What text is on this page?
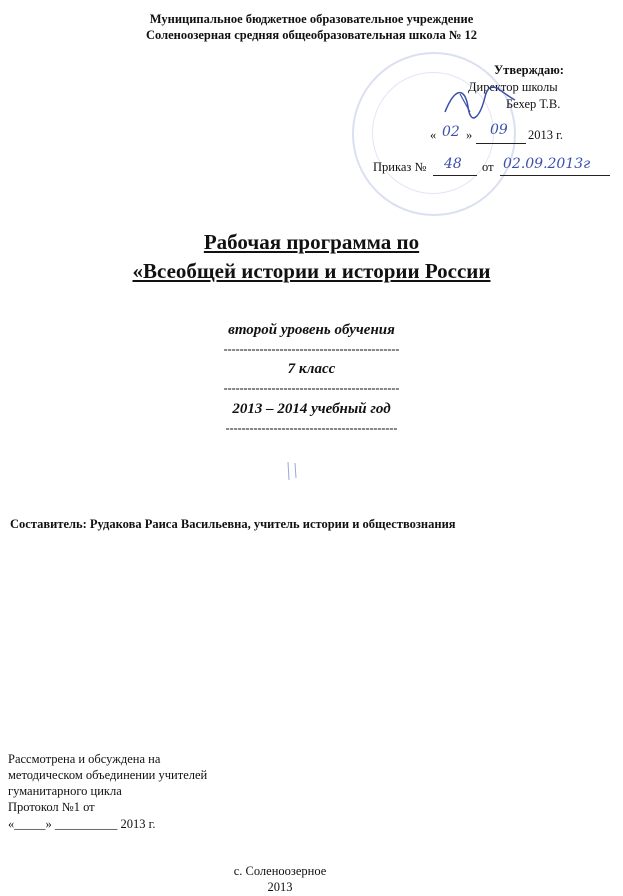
Муниципальное бюджетное образовательное учреждение
Соленоозерная средняя общеобразовательная школа № 12
Утверждаю:
Директор школы
Бехер Т.В.
« 02 » 09 2013 г.
Приказ № 48 от 02.09.2013г
Рабочая программа по
«Всеобщей истории и истории России
второй уровень обучения
--------------------------------------------
7 класс
--------------------------------------------
2013 – 2014 учебный год
-------------------------------------------
Составитель: Рудакова Раиса Васильевна, учитель истории и обществознания
Рассмотрена и обсуждена на
методическом объединении учителей
гуманитарного цикла
Протокол №1 от
«_____» __________ 2013 г.
с. Соленоозерное
2013
